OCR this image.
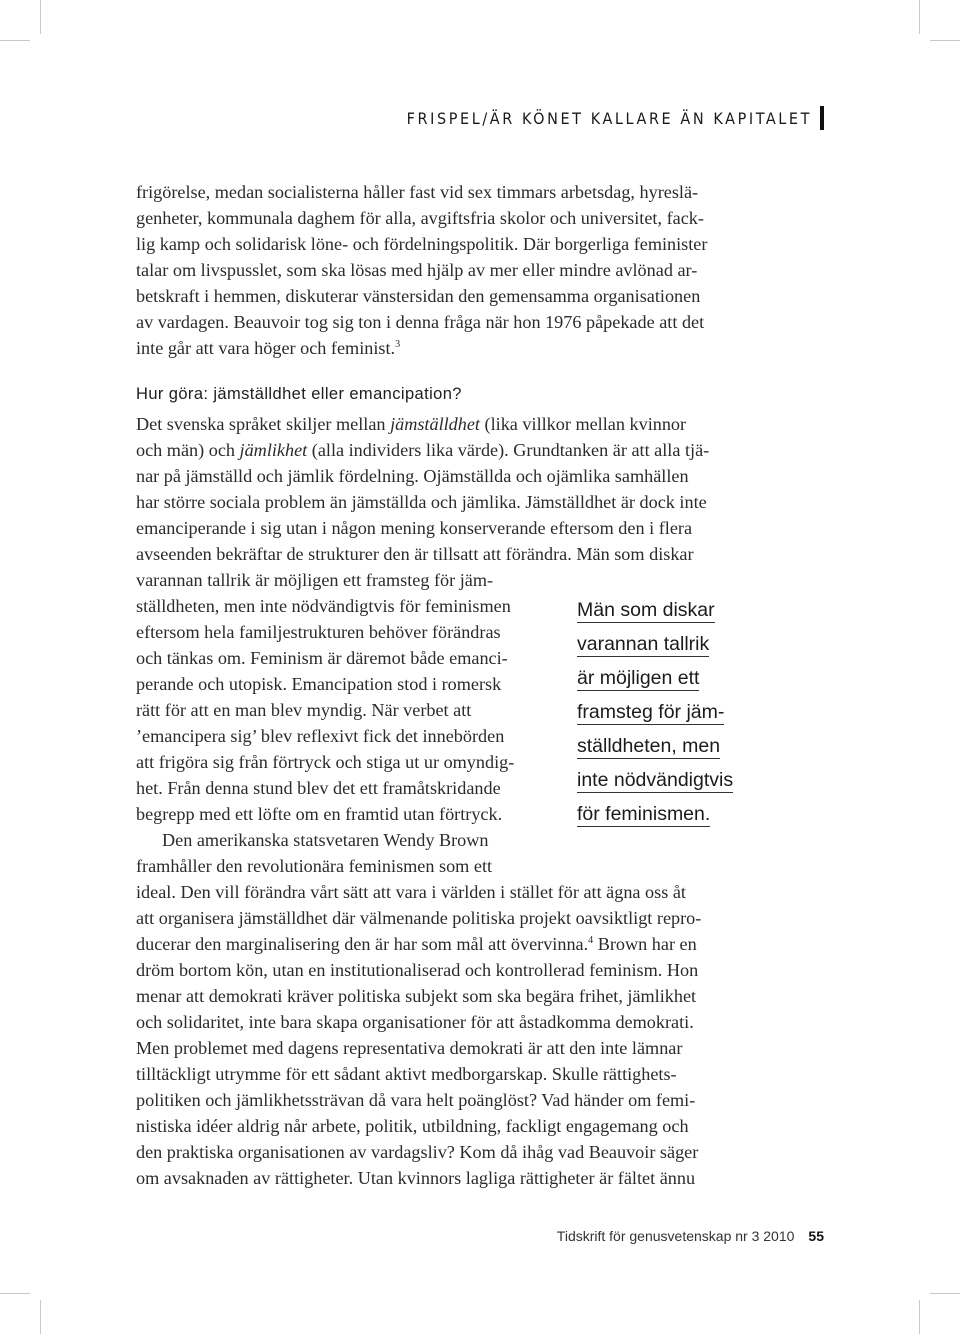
FRISPEL/ÄR KÖNET KALLARE ÄN KAPITALET
frigörelse, medan socialisterna håller fast vid sex timmars arbetsdag, hyreslä-
genheter, kommunala daghem för alla, avgiftsfria skolor och universitet, fack-
lig kamp och solidarisk löne- och fördelningspolitik. Där borgerliga feminister
talar om livspusslet, som ska lösas med hjälp av mer eller mindre avlönad ar-
betskraft i hemmen, diskuterar vänstersidan den gemensamma organisationen
av vardagen. Beauvoir tog sig ton i denna fråga när hon 1976 påpekade att det
inte går att vara höger och feminist.$^3$
Hur göra: jämställdhet eller emancipation?
Det svenska språket skiljer mellan jämställdhet (lika villkor mellan kvinnor
och män) och jämlikhet (alla individers lika värde). Grundtanken är att alla tjä-
nar på jämställd och jämlik fördelning. Ojämställda och ojämlika samhällen
har större sociala problem än jämställda och jämlika. Jämställdhet är dock inte
emanciperande i sig utan i någon mening konserverande eftersom den i flera
avseenden bekräftar de strukturer den är tillsatt att förändra. Män som diskar
varannan tallrik är möjligen ett framsteg för jäm-
ställdheten, men inte nödvändigtvis för feminismen
eftersom hela familjestrukturen behöver förändras
och tänkas om. Feminism är däremot både emanci-
perande och utopisk. Emancipation stod i romersk
rätt för att en man blev myndig. När verbet att
’emancipera sig’ blev reflexivt fick det innebörden
att frigöra sig från förtryck och stiga ut ur omyndig-
het. Från denna stund blev det ett framåtskridande
begrepp med ett löfte om en framtid utan förtryck.
Den amerikanska statsvetaren Wendy Brown
framhåller den revolutionära feminismen som ett
ideal. Den vill förändra vårt sätt att vara i världen i stället för att ägna oss åt
att organisera jämställdhet där välmenande politiska projekt oavsiktligt repro-
ducerar den marginalisering den är har som mål att övervinna.$^4$ Brown har en
dröm bortom kön, utan en institutionaliserad och kontrollerad feminism. Hon
menar att demokrati kräver politiska subjekt som ska begära frihet, jämlikhet
och solidaritet, inte bara skapa organisationer för att åstadkomma demokrati.
Men problemet med dagens representativa demokrati är att den inte lämnar
tilltäckligt utrymme för ett sådant aktivt medborgarskap. Skulle rättighets-
politiken och jämlikhetssträvan då vara helt poänglöst? Vad händer om femi-
nistiska idéer aldrig når arbete, politik, utbildning, fackligt engagemang och
den praktiska organisationen av vardagsliv? Kom då ihåg vad Beauvoir säger
om avsaknaden av rättigheter. Utan kvinnors lagliga rättigheter är fältet ännu
Män som diskar
varannan tallrik
är möjligen ett
framsteg för jäm-
ställdheten, men
inte nödvändigtvis
för feminismen.
Tidskrift för genusvetenskap nr 3 2010 55
